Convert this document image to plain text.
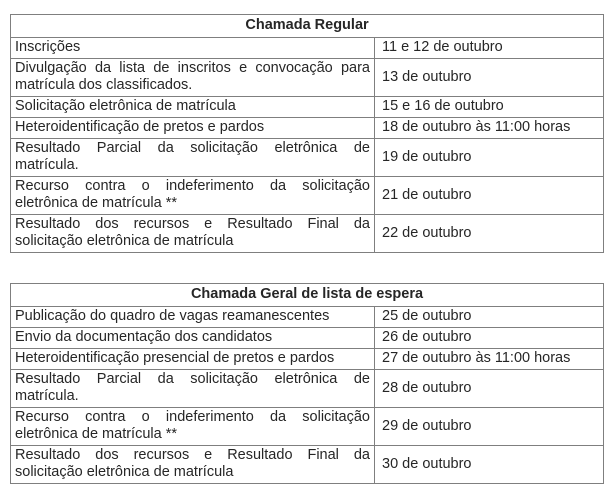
Chamada Regular	
Inscrições	11 e 12 de outubro
Divulgação da lista de inscritos e convocação para matrícula dos classificados.	13 de outubro
Solicitação eletrônica de matrícula	15 e 16 de outubro
Heteroidentificação de pretos e pardos	18 de outubro às 11:00 horas
Resultado Parcial da solicitação eletrônica de matrícula.	19 de outubro
Recurso contra o indeferimento da solicitação eletrônica de matrícula **	21 de outubro
Resultado dos recursos e Resultado Final da solicitação eletrônica de matrícula	22 de outubro
Chamada Geral de lista de espera	
Publicação do quadro de vagas reamanescentes	25 de outubro
Envio da documentação dos candidatos	26 de outubro
Heteroidentificação presencial de pretos e pardos	27 de outubro às 11:00 horas
Resultado Parcial da solicitação eletrônica de matrícula.	28 de outubro
Recurso contra o indeferimento da solicitação eletrônica de matrícula **	29 de outubro
Resultado dos recursos e Resultado Final da solicitação eletrônica de matrícula	30 de outubro
